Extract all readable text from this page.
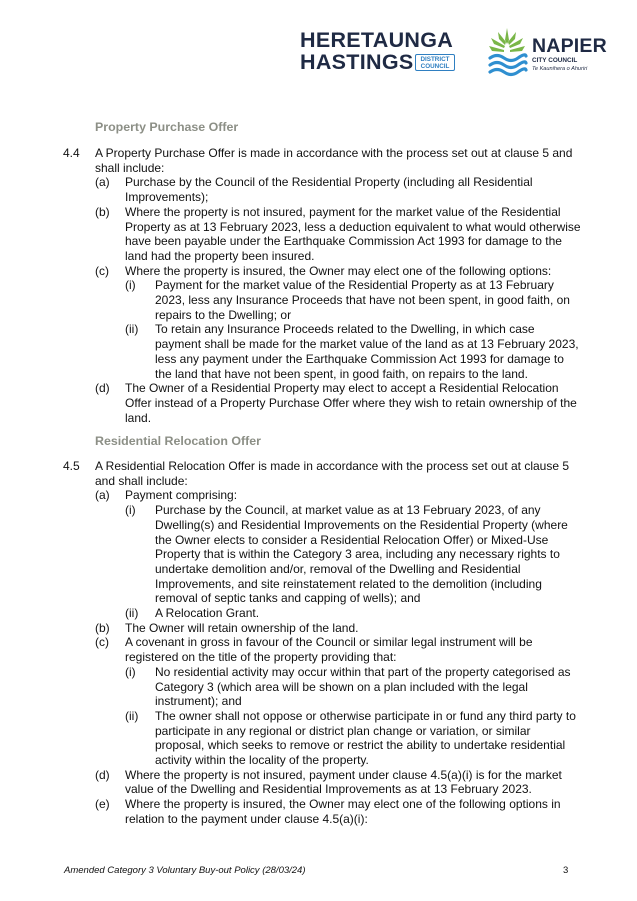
HERETAUNGA
HASTINGS	DISTRICT
COUNCIL
NAPIER
CITY COUNCIL
Te Kaunihera o Ahuriri
Property Purchase Offer
4.4 A Property Purchase Offer is made in accordance with the process set out at clause 5 and
shall include:
(a) Purchase by the Council of the Residential Property (including all Residential
Improvements);
(b) Where the property is not insured, payment for the market value of the Residential
Property as at 13 February 2023, less a deduction equivalent to what would otherwise
have been payable under the Earthquake Commission Act 1993 for damage to the
land had the property been insured.
(c) Where the property is insured, the Owner may elect one of the following options:
(i) Payment for the market value of the Residential Property as at 13 February
2023, less any Insurance Proceeds that have not been spent, in good faith, on
repairs to the Dwelling; or
(ii) To retain any Insurance Proceeds related to the Dwelling, in which case
payment shall be made for the market value of the land as at 13 February 2023,
less any payment under the Earthquake Commission Act 1993 for damage to
the land that have not been spent, in good faith, on repairs to the land.
(d) The Owner of a Residential Property may elect to accept a Residential Relocation
Offer instead of a Property Purchase Offer where they wish to retain ownership of the
land.
Residential Relocation Offer
4.5 A Residential Relocation Offer is made in accordance with the process set out at clause 5
and shall include:
(a) Payment comprising:
(i) Purchase by the Council, at market value as at 13 February 2023, of any
Dwelling(s) and Residential Improvements on the Residential Property (where
the Owner elects to consider a Residential Relocation Offer) or Mixed-Use
Property that is within the Category 3 area, including any necessary rights to
undertake demolition and/or, removal of the Dwelling and Residential
Improvements, and site reinstatement related to the demolition (including
removal of septic tanks and capping of wells); and
(ii) A Relocation Grant.
(b) The Owner will retain ownership of the land.
(c) A covenant in gross in favour of the Council or similar legal instrument will be
registered on the title of the property providing that:
(i) No residential activity may occur within that part of the property categorised as
Category 3 (which area will be shown on a plan included with the legal
instrument); and
(ii) The owner shall not oppose or otherwise participate in or fund any third party to
participate in any regional or district plan change or variation, or similar
proposal, which seeks to remove or restrict the ability to undertake residential
activity within the locality of the property.
(d) Where the property is not insured, payment under clause 4.5(a)(i) is for the market
value of the Dwelling and Residential Improvements as at 13 February 2023.
(e) Where the property is insured, the Owner may elect one of the following options in
relation to the payment under clause 4.5(a)(i):
Amended Category 3 Voluntary Buy-out Policy (28/03/24)	3
